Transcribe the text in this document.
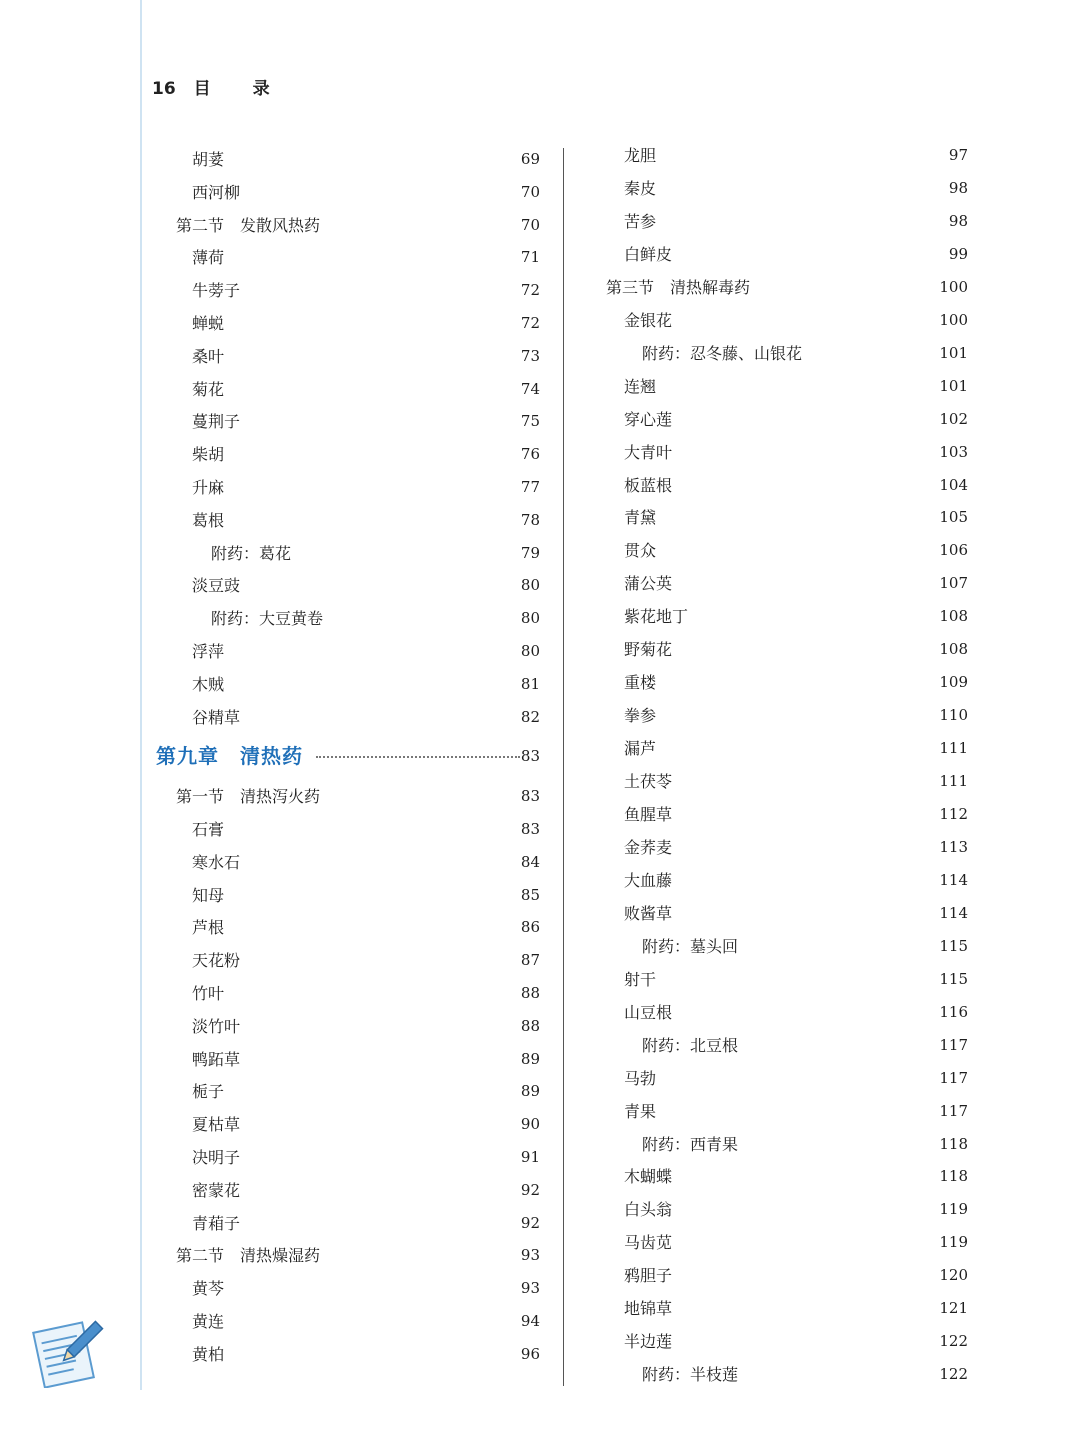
16 目 录
胡荽	69
西河柳	70
第二节　发散风热药	70
薄荷	71
牛蒡子	72
蝉蜕	72
桑叶	73
菊花	74
蔓荆子	75
柴胡	76
升麻	77
葛根	78
附药：葛花	79
淡豆豉	80
附药：大豆黄卷	80
浮萍	80
木贼	81
谷精草	82
第九章　清热药	83
第一节　清热泻火药	83
石膏	83
寒水石	84
知母	85
芦根	86
天花粉	87
竹叶	88
淡竹叶	88
鸭跖草	89
栀子	89
夏枯草	90
决明子	91
密蒙花	92
青葙子	92
第二节　清热燥湿药	93
黄芩	93
黄连	94
黄柏	96
龙胆	97
秦皮	98
苦参	98
白鲜皮	99
第三节　清热解毒药	100
金银花	100
附药：忍冬藤、山银花	101
连翘	101
穿心莲	102
大青叶	103
板蓝根	104
青黛	105
贯众	106
蒲公英	107
紫花地丁	108
野菊花	108
重楼	109
拳参	110
漏芦	111
土茯苓	111
鱼腥草	112
金荞麦	113
大血藤	114
败酱草	114
附药：墓头回	115
射干	115
山豆根	116
附药：北豆根	117
马勃	117
青果	117
附药：西青果	118
木蝴蝶	118
白头翁	119
马齿苋	119
鸦胆子	120
地锦草	121
半边莲	122
附药：半枝莲	122
